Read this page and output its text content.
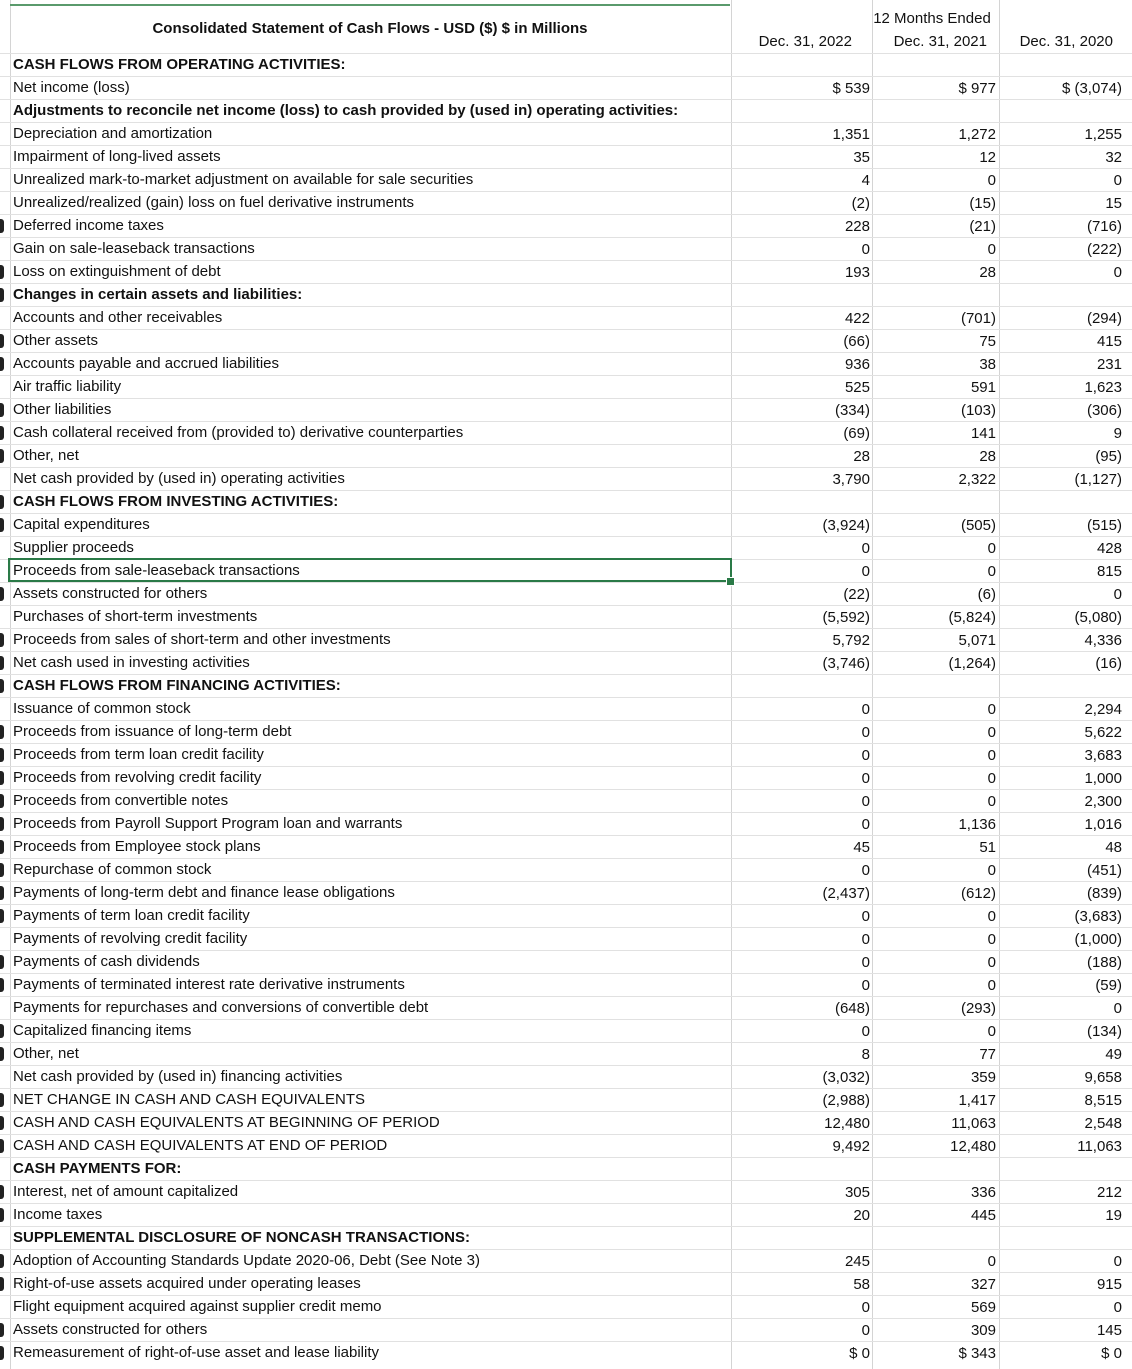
Consolidated Statement of Cash Flows - USD ($) $ in Millions
12 Months Ended
Dec. 31, 2022	Dec. 31, 2021	Dec. 31, 2020
CASH FLOWS FROM OPERATING ACTIVITIES:
Net income (loss)	$ 539	$ 977	$ (3,074)
Adjustments to reconcile net income (loss) to cash provided by (used in) operating activities:
Depreciation and amortization	1,351	1,272	1,255
Impairment of long-lived assets	35	12	32
Unrealized mark-to-market adjustment on available for sale securities	4	0	0
Unrealized/realized (gain) loss on fuel derivative instruments	(2)	(15)	15
Deferred income taxes	228	(21)	(716)
Gain on sale-leaseback transactions	0	0	(222)
Loss on extinguishment of debt	193	28	0
Changes in certain assets and liabilities:
Accounts and other receivables	422	(701)	(294)
Other assets	(66)	75	415
Accounts payable and accrued liabilities	936	38	231
Air traffic liability	525	591	1,623
Other liabilities	(334)	(103)	(306)
Cash collateral received from (provided to) derivative counterparties	(69)	141	9
Other, net	28	28	(95)
Net cash provided by (used in) operating activities	3,790	2,322	(1,127)
CASH FLOWS FROM INVESTING ACTIVITIES:
Capital expenditures	(3,924)	(505)	(515)
Supplier proceeds	0	0	428
Proceeds from sale-leaseback transactions	0	0	815
Assets constructed for others	(22)	(6)	0
Purchases of short-term investments	(5,592)	(5,824)	(5,080)
Proceeds from sales of short-term and other investments	5,792	5,071	4,336
Net cash used in investing activities	(3,746)	(1,264)	(16)
CASH FLOWS FROM FINANCING ACTIVITIES:
Issuance of common stock	0	0	2,294
Proceeds from issuance of long-term debt	0	0	5,622
Proceeds from term loan credit facility	0	0	3,683
Proceeds from revolving credit facility	0	0	1,000
Proceeds from convertible notes	0	0	2,300
Proceeds from Payroll Support Program loan and warrants	0	1,136	1,016
Proceeds from Employee stock plans	45	51	48
Repurchase of common stock	0	0	(451)
Payments of long-term debt and finance lease obligations	(2,437)	(612)	(839)
Payments of term loan credit facility	0	0	(3,683)
Payments of revolving credit facility	0	0	(1,000)
Payments of cash dividends	0	0	(188)
Payments of terminated interest rate derivative instruments	0	0	(59)
Payments for repurchases and conversions of convertible debt	(648)	(293)	0
Capitalized financing items	0	0	(134)
Other, net	8	77	49
Net cash provided by (used in) financing activities	(3,032)	359	9,658
NET CHANGE IN CASH AND CASH EQUIVALENTS	(2,988)	1,417	8,515
CASH AND CASH EQUIVALENTS AT BEGINNING OF PERIOD	12,480	11,063	2,548
CASH AND CASH EQUIVALENTS AT END OF PERIOD	9,492	12,480	11,063
CASH PAYMENTS FOR:
Interest, net of amount capitalized	305	336	212
Income taxes	20	445	19
SUPPLEMENTAL DISCLOSURE OF NONCASH TRANSACTIONS:
Adoption of Accounting Standards Update 2020-06, Debt (See Note 3)	245	0	0
Right-of-use assets acquired under operating leases	58	327	915
Flight equipment acquired against supplier credit memo	0	569	0
Assets constructed for others	0	309	145
Remeasurement of right-of-use asset and lease liability	$ 0	$ 343	$ 0
